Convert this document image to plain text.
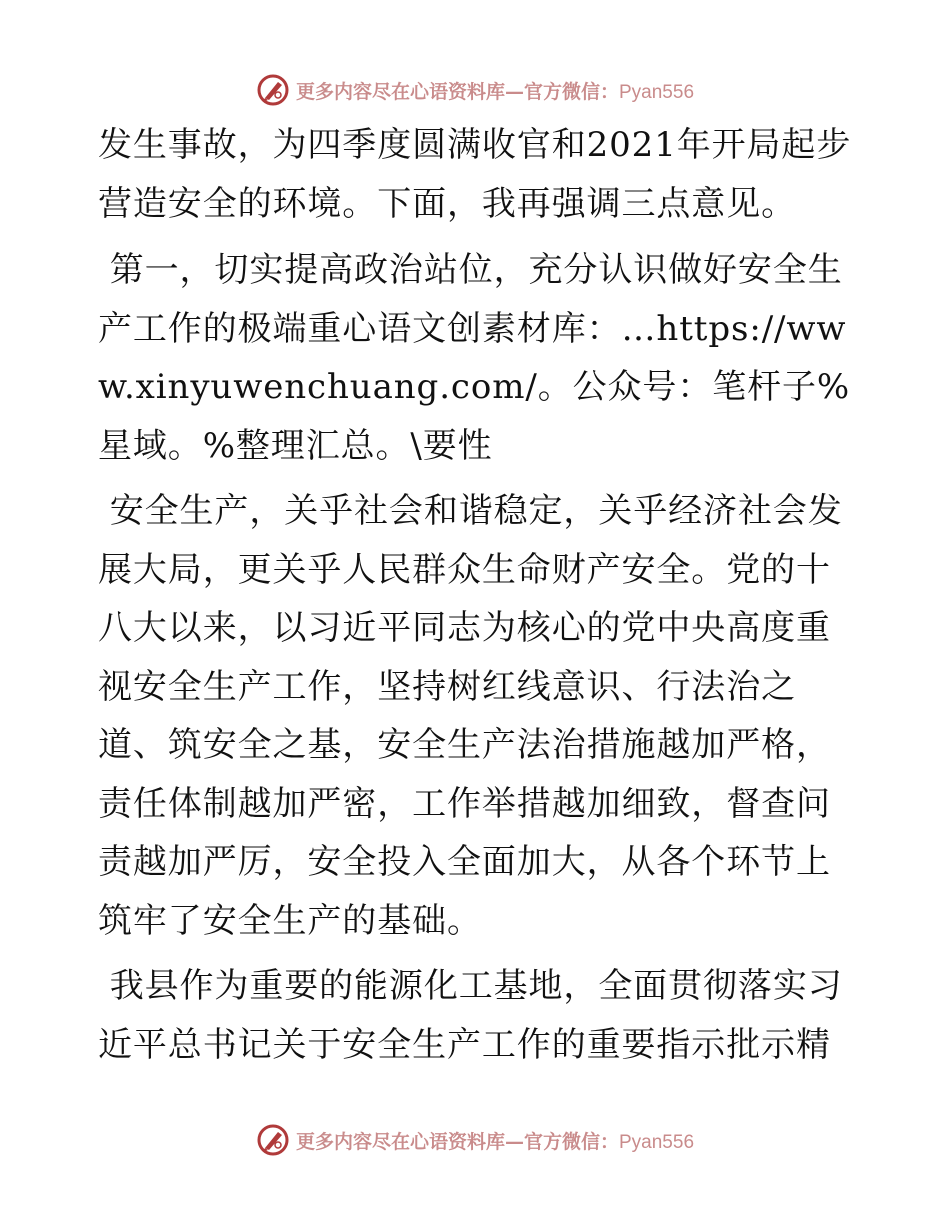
更多内容尽在心语资料库—官方微信：Pyan556

发生事故，为四季度圆满收官和2021年开局起步营造安全的环境。下面，我再强调三点意见。

第一，切实提高政治站位，充分认识做好安全生产工作的极端重心语文创素材库：…https://www.xinyuwenchuang.com/。公众号：笔杆子%星域。%整理汇总。\要性

安全生产，关乎社会和谐稳定，关乎经济社会发展大局，更关乎人民群众生命财产安全。党的十八大以来，以习近平同志为核心的党中央高度重视安全生产工作，坚持树红线意识、行法治之道、筑安全之基，安全生产法治措施越加严格，责任体制越加严密，工作举措越加细致，督查问责越加严厉，安全投入全面加大，从各个环节上筑牢了安全生产的基础。

我县作为重要的能源化工基地，全面贯彻落实习近平总书记关于安全生产工作的重要指示批示精

更多内容尽在心语资料库—官方微信：Pyan556
